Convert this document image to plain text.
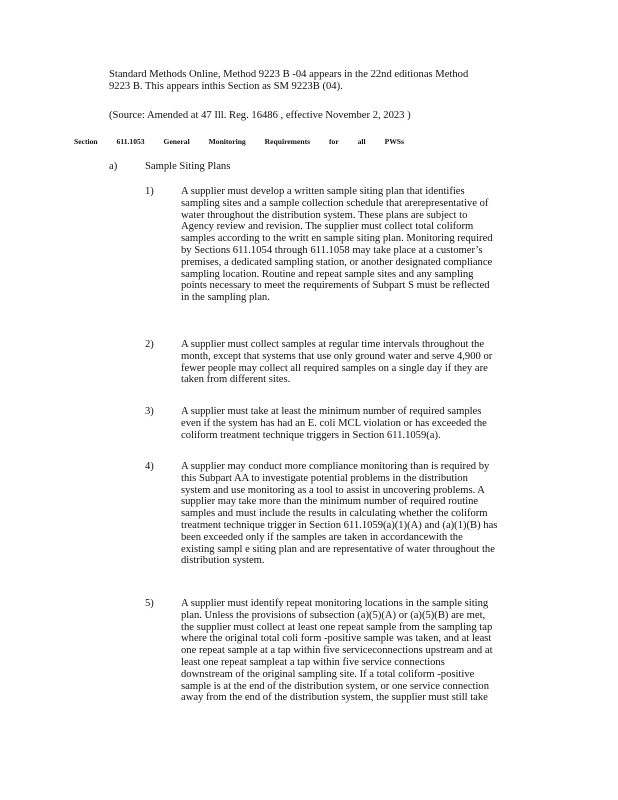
Standard Methods Online, Method 9223 B -04 appears in the 22nd editionas Method

9223 B. This appears inthis Section as SM 9223B (04).

(Source: Amended at 47 Ill. Reg. 16486 , effective November 2, 2023 )
Section 611.1053 General Monitoring Requirements for all PWSs
a)	Sample Siting Plans
1)	A supplier must develop a written sample siting plan that identifies

sampling sites and a sample collection schedule that arerepresentative of

water throughout the distribution system. These plans are subject to

Agency review and revision. The supplier must collect total coliform

samples according to the writt en sample siting plan. Monitoring required

by Sections 611.1054 through 611.1058 may take place at a customer’s

premises, a dedicated sampling station, or another designated compliance

sampling location. Routine and repeat sample sites and any sampling

points necessary to meet the requirements of Subpart S must be reflected

in the sampling plan.

2)	A supplier must collect samples at regular time intervals throughout the

month, except that systems that use only ground water and serve 4,900 or

fewer people may collect all required samples on a single day if they are

taken from different sites.

3)	A supplier must take at least the minimum number of required samples

even if the system has had an E. coli MCL violation or has exceeded the

coliform treatment technique triggers in Section 611.1059(a).

4)	A supplier may conduct more compliance monitoring than is required by

this Subpart AA to investigate potential problems in the distribution

system and use monitoring as a tool to assist in uncovering problems. A

supplier may take more than the minimum number of required routine

samples and must include the results in calculating whether the coliform

treatment technique trigger in Section 611.1059(a)(1)(A) and (a)(1)(B) has

been exceeded only if the samples are taken in accordancewith the

existing sampl e siting plan and are representative of water throughout the

distribution system.

5)	A supplier must identify repeat monitoring locations in the sample siting

plan. Unless the provisions of subsection (a)(5)(A) or (a)(5)(B) are met,

the supplier must collect at least one repeat sample from the sampling tap

where the original total coli form -positive sample was taken, and at least

one repeat sample at a tap within five serviceconnections upstream and at

least one repeat sampleat a tap within five service connections

downstream of the original sampling site. If a total coliform -positive

sample is at the end of the distribution system, or one service connection

away from the end of the distribution system, the supplier must still take
